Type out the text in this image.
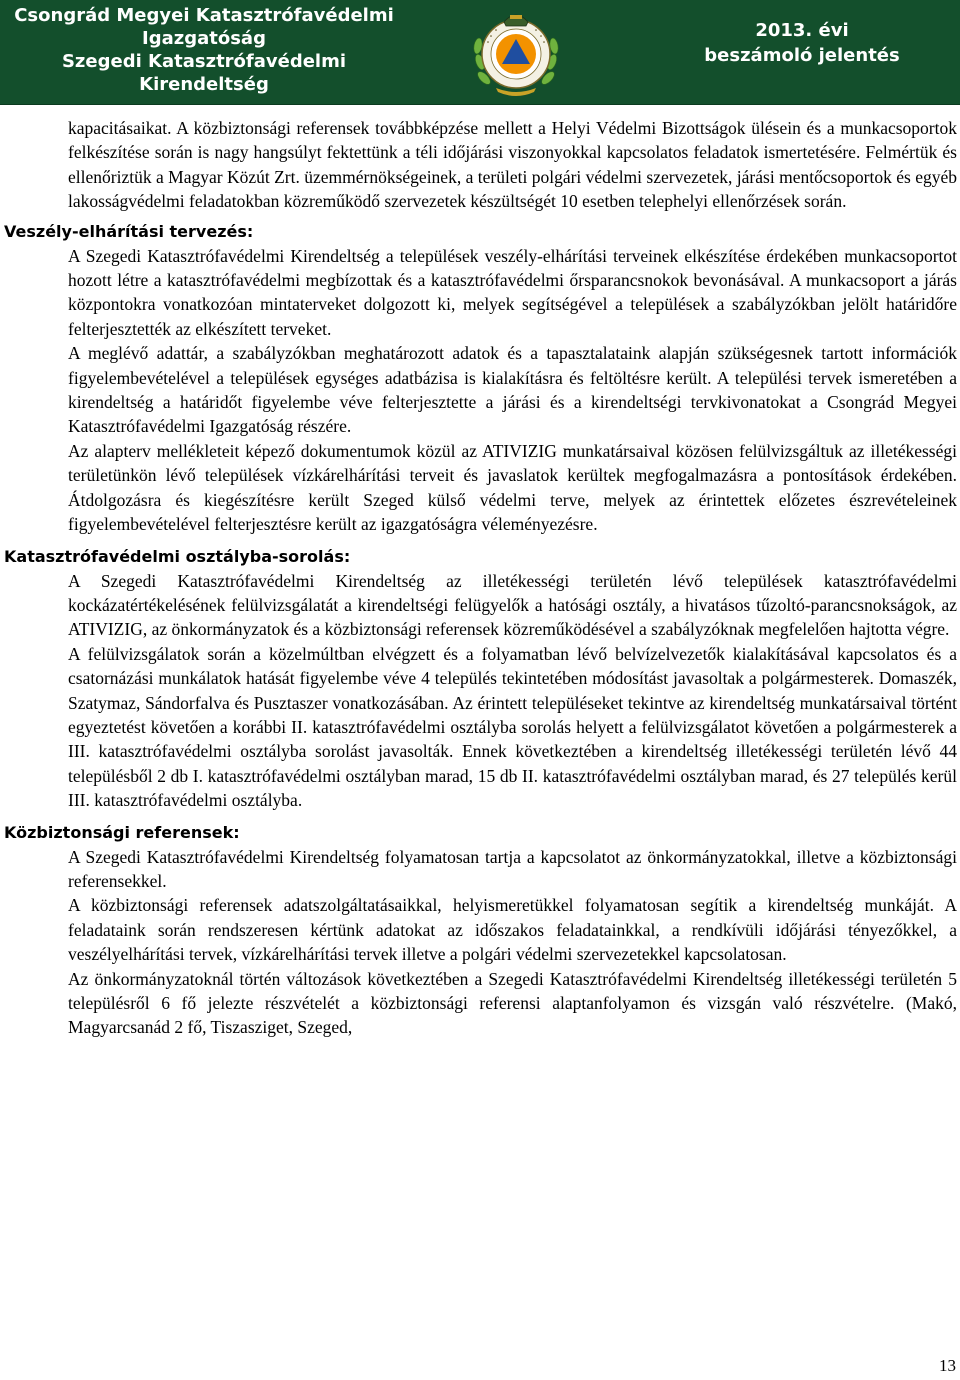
Csongrád Megyei Katasztrófavédelmi
Igazgatóság
Szegedi Katasztrófavédelmi
Kirendeltség
2013. évi
beszámoló jelentés

kapacitásaikat. A közbiztonsági referensek továbbképzése mellett a Helyi Védelmi Bizottságok ülésein és a munkacsoportok felkészítése során is nagy hangsúlyt fektettünk a téli időjárási viszonyokkal kapcsolatos feladatok ismertetésére. Felmértük és ellenőriztük a Magyar Közút Zrt. üzemmérnökségeinek, a területi polgári védelmi szervezetek, járási mentőcsoportok és egyéb lakosságvédelmi feladatokban közreműködő szervezetek készültségét 10 esetben telephelyi ellenőrzések során.

Veszély-elhárítási tervezés:

A Szegedi Katasztrófavédelmi Kirendeltség a települések veszély-elhárítási terveinek elkészítése érdekében munkacsoportot hozott létre a katasztrófavédelmi megbízottak és a katasztrófavédelmi őrsparancsnokok bevonásával. A munkacsoport a járás központokra vonatkozóan mintaterveket dolgozott ki, melyek segítségével a települések a szabályzókban jelölt határidőre felterjesztették az elkészített terveket.

A meglévő adattár, a szabályzókban meghatározott adatok és a tapasztalataink alapján szükségesnek tartott információk figyelembevételével a települések egységes adatbázisa is kialakításra és feltöltésre került. A települési tervek ismeretében a kirendeltség a határidőt figyelembe véve felterjesztette a járási és a kirendeltségi tervkivonatokat a Csongrád Megyei Katasztrófavédelmi Igazgatóság részére.

Az alapterv mellékleteit képező dokumentumok közül az ATIVIZIG munkatársaival közösen felülvizsgáltuk az illetékességi területünkön lévő települések vízkárelhárítási terveit és javaslatok kerültek megfogalmazásra a pontosítások érdekében. Átdolgozásra és kiegészítésre került Szeged külső védelmi terve, melyek az érintettek előzetes észrevételeinek figyelembevételével felterjesztésre került az igazgatóságra véleményezésre.

Katasztrófavédelmi osztályba-sorolás:

A Szegedi Katasztrófavédelmi Kirendeltség az illetékességi területén lévő települések katasztrófavédelmi kockázatértékelésének felülvizsgálatát a kirendeltségi felügyelők a hatósági osztály, a hivatásos tűzoltó-parancsnokságok, az ATIVIZIG, az önkormányzatok és a közbiztonsági referensek közreműködésével a szabályzóknak megfelelően hajtotta végre.

A felülvizsgálatok során a közelmúltban elvégzett és a folyamatban lévő belvízelvezetők kialakításával kapcsolatos és a csatornázási munkálatok hatását figyelembe véve 4 település tekintetében módosítást javasoltak a polgármesterek. Domaszék, Szatymaz, Sándorfalva és Pusztaszer vonatkozásában. Az érintett településeket tekintve az kirendeltség munkatársaival történt egyeztetést követően a korábbi II. katasztrófavédelmi osztályba sorolás helyett a felülvizsgálatot követően a polgármesterek a III. katasztrófavédelmi osztályba sorolást javasolták. Ennek következtében a kirendeltség illetékességi területén lévő 44 településből 2 db I. katasztrófavédelmi osztályban marad, 15 db II. katasztrófavédelmi osztályban marad, és 27 település kerül III. katasztrófavédelmi osztályba.

Közbiztonsági referensek:

A Szegedi Katasztrófavédelmi Kirendeltség folyamatosan tartja a kapcsolatot az önkormányzatokkal, illetve a közbiztonsági referensekkel.

A közbiztonsági referensek adatszolgáltatásaikkal, helyismeretükkel folyamatosan segítik a kirendeltség munkáját. A feladataink során rendszeresen kértünk adatokat az időszakos feladatainkkal, a rendkívüli időjárási tényezőkkel, a veszélyelhárítási tervek, vízkárelhárítási tervek illetve a polgári védelmi szervezetekkel kapcsolatosan.

Az önkormányzatoknál történ változások következtében a Szegedi Katasztrófavédelmi Kirendeltség illetékességi területén 5 településről 6 fő jelezte részvételét a közbiztonsági referensi alaptanfolyamon és vizsgán való részvételre. (Makó, Magyarcsanád 2 fő, Tiszasziget, Szeged,

13
